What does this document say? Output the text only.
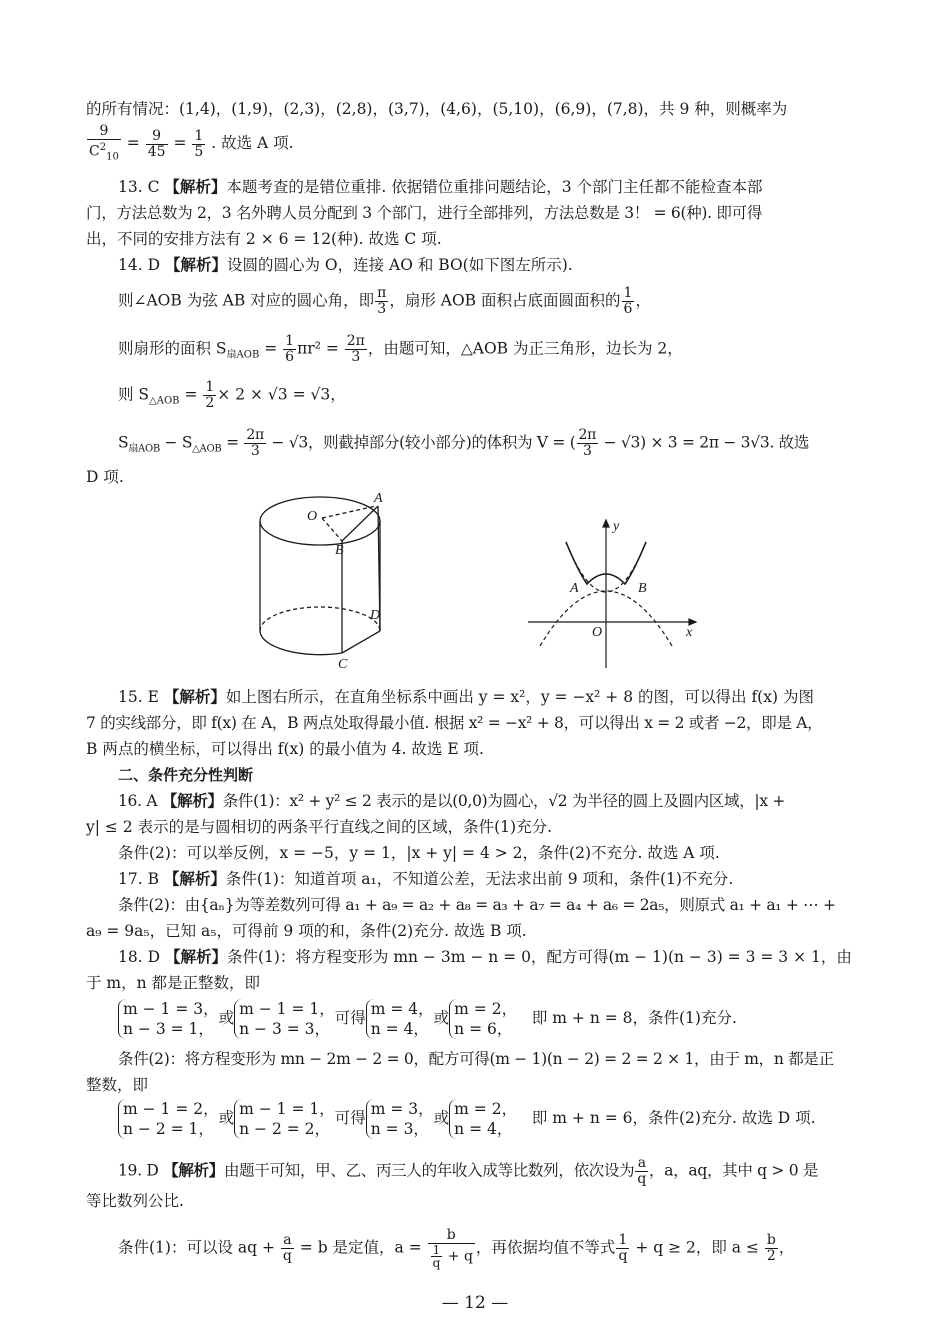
的所有情况：(1,4)，(1,9)，(2,3)，(2,8)，(3,7)，(4,6)，(5,10)，(6,9)，(7,8)，共 9 种，则概率为
$\frac{9}{C^2_{10}} = \frac{9}{45} = \frac{1}{5}$ . 故选 A 项.
13. C 【解析】本题考查的是错位重排. 依据错位重排问题结论，3 个部门主任都不能检查本部
门，方法总数为 2，3 名外聘人员分配到 3 个部门，进行全部排列，方法总数是 3！ = 6(种). 即可得
出，不同的安排方法有 2 × 6 = 12(种). 故选 C 项.
14. D 【解析】设圆的圆心为 O，连接 AO 和 BO(如下图左所示).
则∠AOB 为弦 AB 对应的圆心角，即 $\frac{\pi}{3}$ ，扇形 AOB 面积占底面圆面积的 $\frac{1}{6}$ ，
则扇形的面积 $S_{扇AOB} = \frac{1}{6} \pi r^2 = \frac{2\pi}{3}$ ，由题可知，△AOB 为正三角形，边长为 2，
则 $S_{\triangle AOB} = \frac{1}{2} \times 2 \times √3 = √3$，
$S_{扇AOB} - S_{\triangle AOB} = \frac{2\pi}{3} - √3$，则截掉部分(较小部分)的体积为 V = ( $\frac{2\pi}{3} - √3) \times 3 = 2\pi - 3√3$. 故选
D 项.
A
O
B
D
C
y
A	B
O	x
15. E 【解析】如上图右所示，在直角坐标系中画出 y = x²，y = −x² + 8 的图，可以得出 f(x) 为图
7 的实线部分，即 f(x) 在 A，B 两点处取得最小值. 根据 x² = −x² + 8，可以得出 x = 2 或者 −2，即是 A，
B 两点的横坐标，可以得出 f(x) 的最小值为 4. 故选 E 项.
二、条件充分性判断
16. A 【解析】条件(1)：x² + y² ≤ 2 表示的是以(0,0)为圆心，√2 为半径的圆上及圆内区域，|x +
y| ≤ 2 表示的是与圆相切的两条平行直线之间的区域，条件(1)充分.
条件(2)：可以举反例，x = −5，y = 1，|x + y| = 4 > 2，条件(2)不充分. 故选 A 项.
17. B 【解析】条件(1)：知道首项 a₁，不知道公差，无法求出前 9 项和，条件(1)不充分.
条件(2)：由{aₙ}为等差数列可得 a₁ + a₉ = a₂ + a₈ = a₃ + a₇ = a₄ + a₆ = 2a₅，则原式 a₁ + a₁ + ⋯ +
a₉ = 9a₅，已知 a₅，可得前 9 项的和，条件(2)充分. 故选 B 项.
18. D 【解析】条件(1)：将方程变形为 mn − 3m − n = 0，配方可得(m − 1)(n − 3) = 3 = 3 × 1，由
于 m，n 都是正整数，即
m − 1 = 3，
n − 3 = 1，
或 m − 1 = 1，
n − 3 = 3，
可得 m = 4，
n = 4，
或 m = 2，
n = 6，
即 m + n = 8，条件(1)充分.
条件(2)：将方程变形为 mn − 2m − 2 = 0，配方可得(m − 1)(n − 2) = 2 = 2 × 1，由于 m，n 都是正
整数，即
m − 1 = 2，
n − 2 = 1，
或 m − 1 = 1，
n − 2 = 2，
可得 m = 3，
n = 3，
或 m = 2，
n = 4，
即 m + n = 6，条件(2)充分. 故选 D 项.
19. D 【解析】由题干可知，甲、乙、丙三人的年收入成等比数列，依次设为 $\frac{a}{q}$ ，a，aq，其中 q > 0 是
等比数列公比.
条件(1)：可以设 aq + $\frac{a}{q} = b$ 是定值，$a = \frac{b}{\frac{1}{q} + q}$ ，再依据均值不等式 $\frac{1}{q} + q \ge 2$，即 $a \le \frac{b}{2}$ ，
— 12 —
